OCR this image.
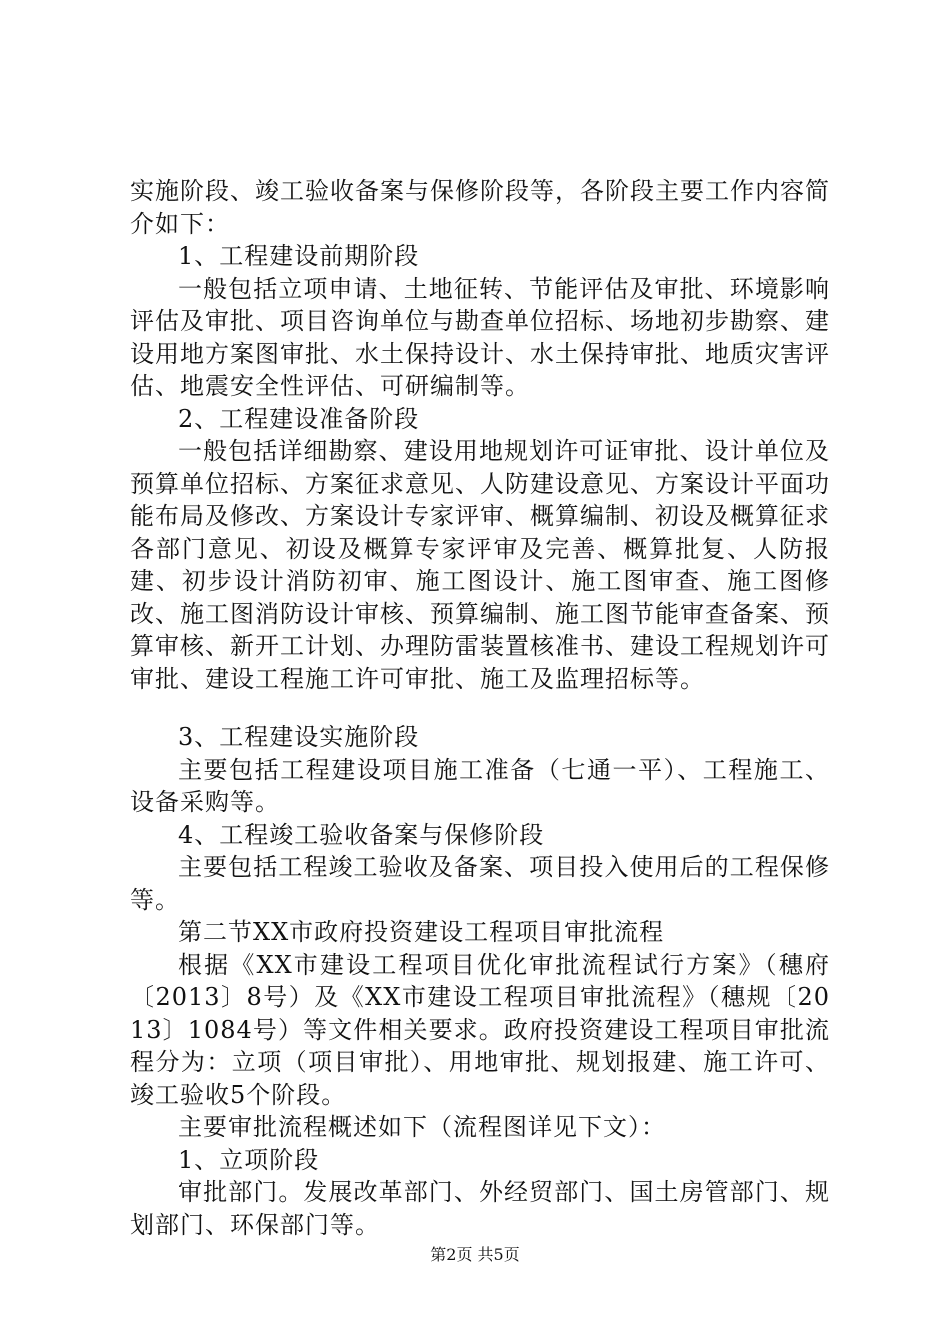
实施阶段、竣工验收备案与保修阶段等，各阶段主要工作内容简介如下：

1、工程建设前期阶段

一般包括立项申请、土地征转、节能评估及审批、环境影响评估及审批、项目咨询单位与勘查单位招标、场地初步勘察、建设用地方案图审批、水土保持设计、水土保持审批、地质灾害评估、地震安全性评估、可研编制等。

2、工程建设准备阶段

一般包括详细勘察、建设用地规划许可证审批、设计单位及预算单位招标、方案征求意见、人防建设意见、方案设计平面功能布局及修改、方案设计专家评审、概算编制、初设及概算征求各部门意见、初设及概算专家评审及完善、概算批复、人防报建、初步设计消防初审、施工图设计、施工图审查、施工图修改、施工图消防设计审核、预算编制、施工图节能审查备案、预算审核、新开工计划、办理防雷装置核准书、建设工程规划许可审批、建设工程施工许可审批、施工及监理招标等。

3、工程建设实施阶段

主要包括工程建设项目施工准备（七通一平）、工程施工、设备采购等。

4、工程竣工验收备案与保修阶段

主要包括工程竣工验收及备案、项目投入使用后的工程保修等。

第二节XX市政府投资建设工程项目审批流程

根据《XX市建设工程项目优化审批流程试行方案》（穗府〔2013〕8号）及《XX市建设工程项目审批流程》（穗规〔2013〕1084号）等文件相关要求。政府投资建设工程项目审批流程分为：立项（项目审批）、用地审批、规划报建、施工许可、竣工验收5个阶段。

主要审批流程概述如下（流程图详见下文）：

1、立项阶段

审批部门。发展改革部门、外经贸部门、国土房管部门、规划部门、环保部门等。

第2页 共5页
